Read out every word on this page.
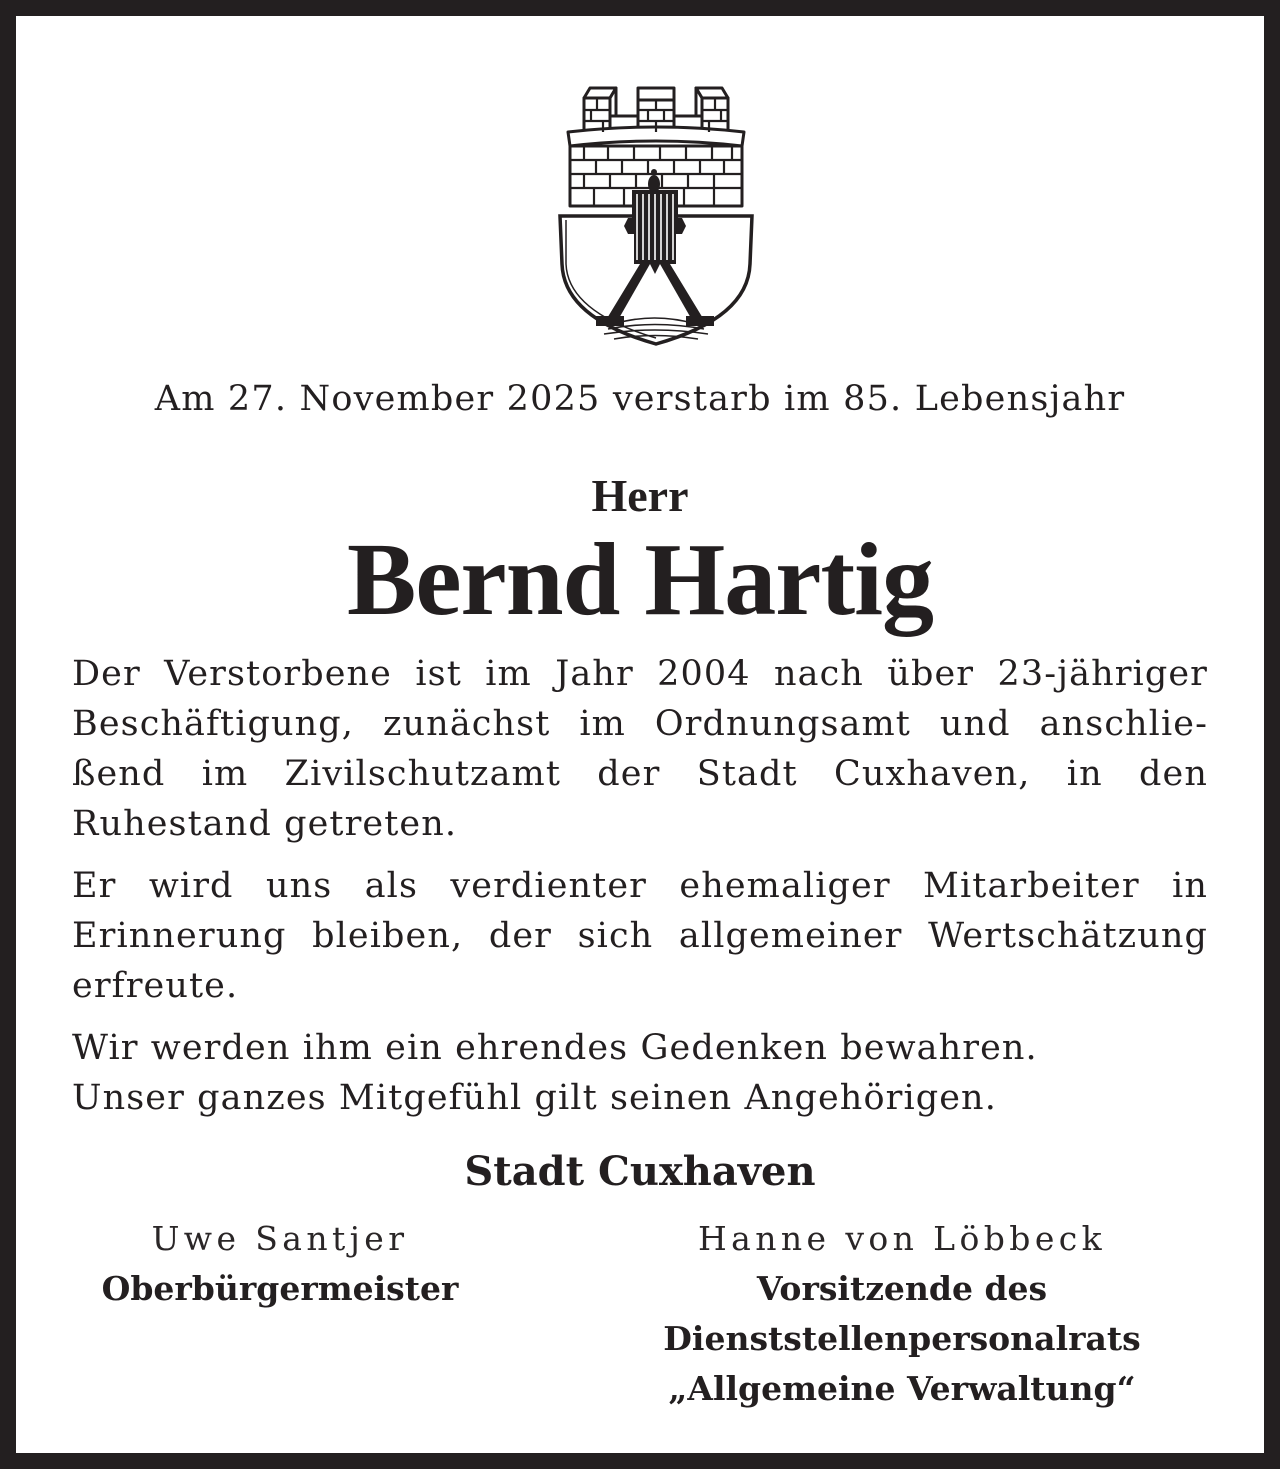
Am 27. November 2025 verstarb im 85. Lebensjahr
Herr
Bernd Hartig

Der Verstorbene ist im Jahr 2004 nach über 23-jähriger
Beschäftigung, zunächst im Ordnungsamt und anschlie-
ßend im Zivilschutzamt der Stadt Cuxhaven, in den
Ruhestand getreten.

Er wird uns als verdienter ehemaliger Mitarbeiter in
Erinnerung bleiben, der sich allgemeiner Wertschätzung
erfreute.

Wir werden ihm ein ehrendes Gedenken bewahren.
Unser ganzes Mitgefühl gilt seinen Angehörigen.

Stadt Cuxhaven
Uwe Santjer
Oberbürgermeister
Hanne von Löbbeck
Vorsitzende des
Dienststellenpersonalrats
„Allgemeine Verwaltung“
